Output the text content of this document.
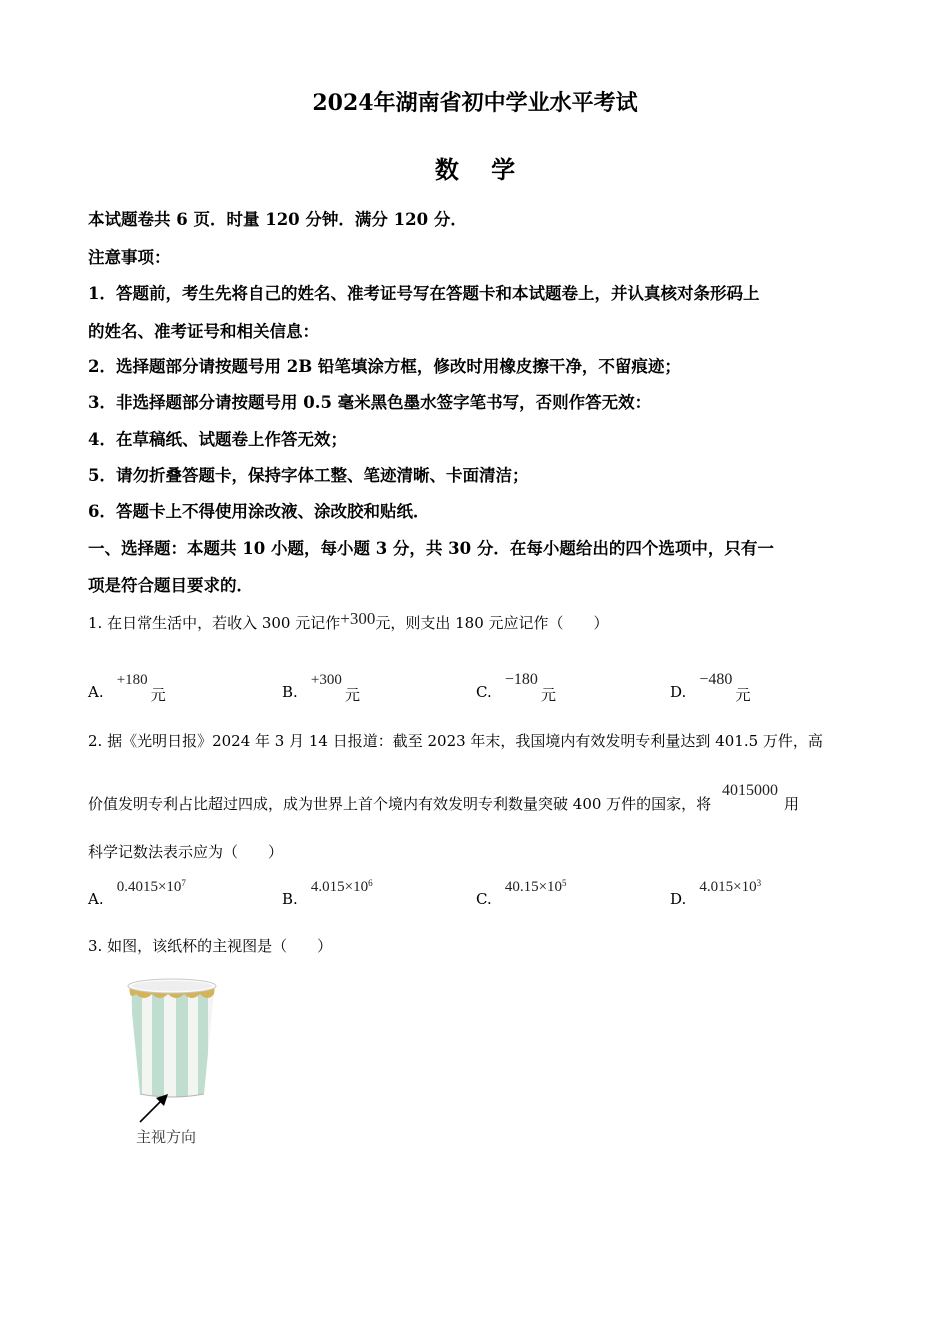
2024年湖南省初中学业水平考试
数 学
本试题卷共 6 页．时量 120 分钟．满分 120 分．
注意事项：
1．答题前，考生先将自己的姓名、准考证号写在答题卡和本试题卷上，并认真核对条形码上
的姓名、准考证号和相关信息：
2．选择题部分请按题号用 2B 铅笔填涂方框，修改时用橡皮擦干净，不留痕迹；
3．非选择题部分请按题号用 0.5 毫米黑色墨水签字笔书写，否则作答无效：
4．在草稿纸、试题卷上作答无效；
5．请勿折叠答题卡，保持字体工整、笔迹清晰、卡面清洁；
6．答题卡上不得使用涂改液、涂改胶和贴纸．
一、选择题：本题共 10 小题，每小题 3 分，共 30 分．在每小题给出的四个选项中，只有一
项是符合题目要求的．
1. 在日常生活中，若收入 300 元记作+300元，则支出 180 元应记作（　　）
A. +180 元	B. +300 元	C. −180 元	D. −480 元
2. 据《光明日报》2024 年 3 月 14 日报道：截至 2023 年末，我国境内有效发明专利量达到 401.5 万件，高
价值发明专利占比超过四成，成为世界上首个境内有效发明专利数量突破 400 万件的国家，将 4015000用
科学记数法表示应为（　　）
A. $0.4015\times 10^7$
B. $4.015\times 10^6$
C. $40.15\times 10^5$
D. $4.015\times 10^3$
3. 如图，该纸杯的主视图是（　　）
主视方向
